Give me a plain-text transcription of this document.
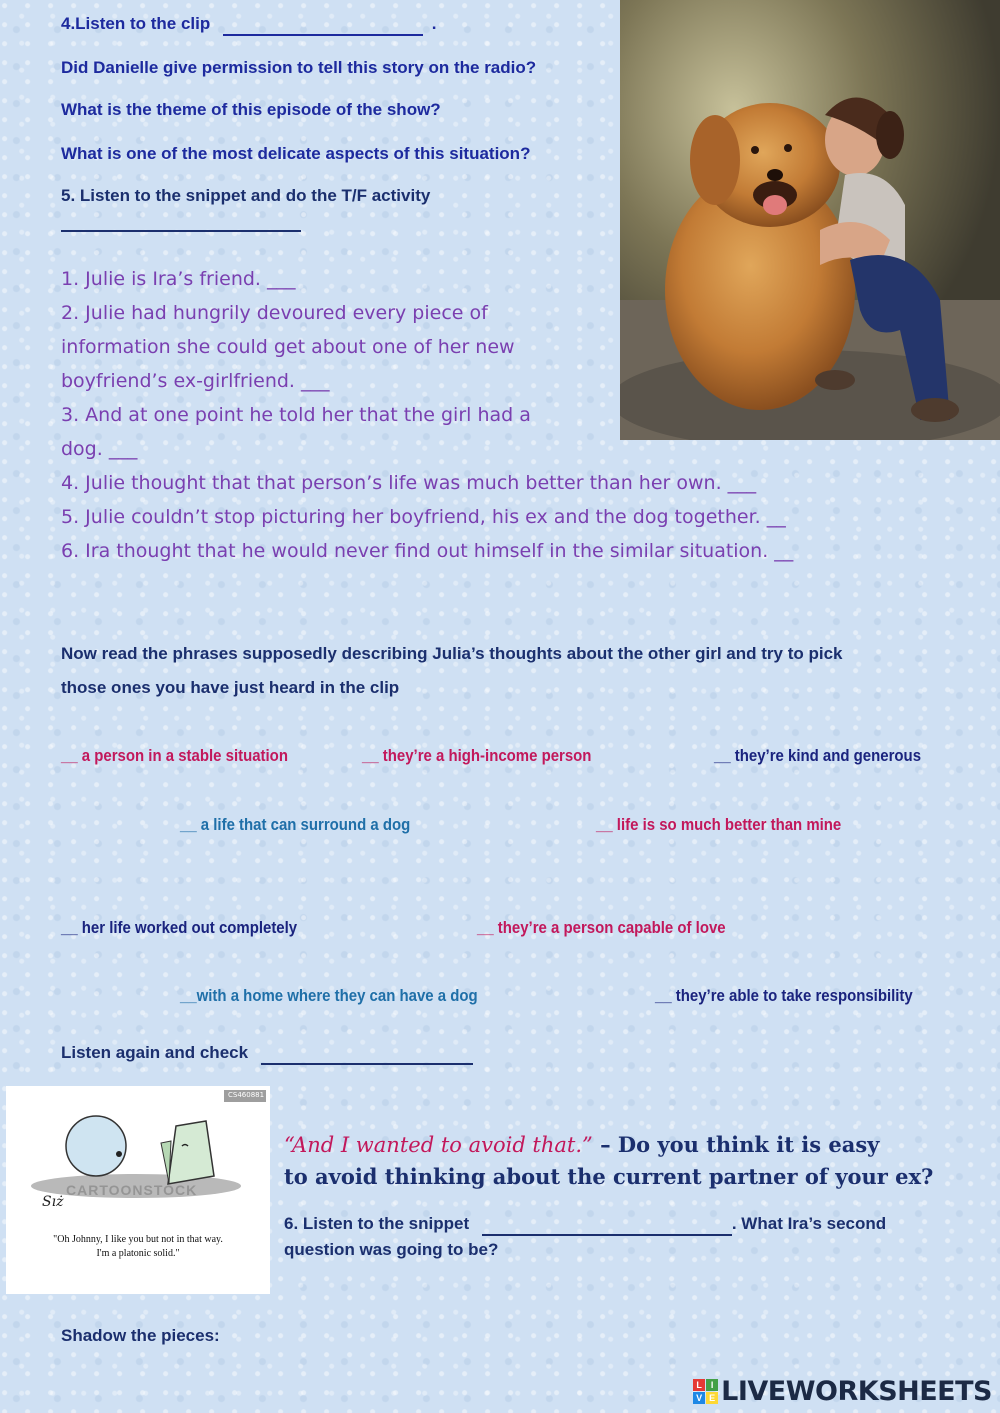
4.Listen to the clip	.
Did Danielle give permission to tell this story on the radio?
What is the theme of this episode of the show?
What is one of the most delicate aspects of this situation?
5. Listen to the snippet and do the T/F activity
1. Julie is Ira’s friend. ___
2. Julie had hungrily devoured every piece of
information she could get about one of her new
boyfriend’s ex-girlfriend. ___
3. And at one point he told her that the girl had a
dog. ___
4. Julie thought that that person’s life was much better than her own. ___
5. Julie couldn’t stop picturing her boyfriend, his ex and the dog together. __
6. Ira thought that he would never find out himself in the similar situation. __
Now read the phrases supposedly describing Julia’s thoughts about the other girl and try to pick
those ones you have just heard in the clip
__ a person in a stable situation	__ they’re a high-income person	__ they’re kind and generous
__ a life that can surround a dog	__ life is so much better than mine
__ her life worked out completely	__ they’re a person capable of love
__with a home where they can have a dog	__ they’re able to take responsibility
Listen again and check
CS460881
Sıż
CARTOONSTOCK
"Oh Johnny, I like you but not in that way.
I'm a platonic solid."
“And I wanted to avoid that.” – Do you think it is easy
to avoid thinking about the current partner of your ex?
6. Listen to the snippet	. What Ira’s second
question was going to be?
Shadow the pieces:
L I
V E LIVEWORKSHEETS
